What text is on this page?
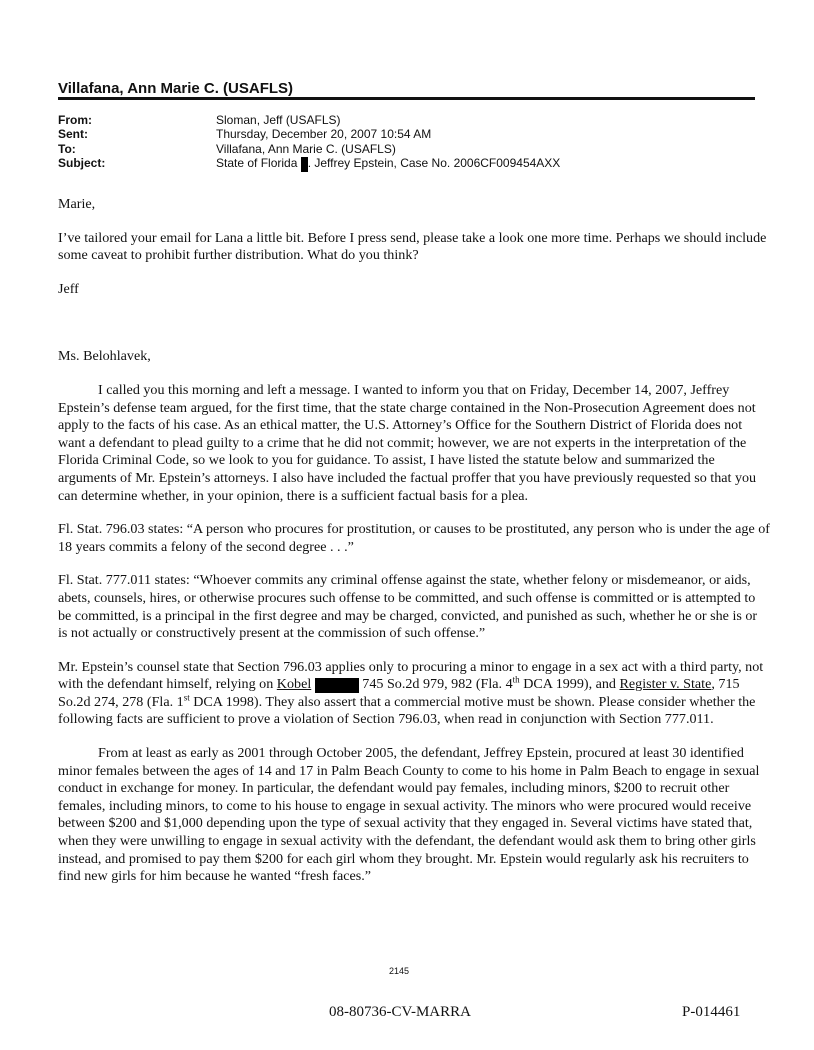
Villafana, Ann Marie C. (USAFLS)
From:	Sloman, Jeff (USAFLS)
Sent:	Thursday, December 20, 2007 10:54 AM
To:	Villafana, Ann Marie C. (USAFLS)
Subject:	State of Florida . Jeffrey Epstein, Case No. 2006CF009454AXX

Marie,

I’ve tailored your email for Lana a little bit. Before I press send, please take a look one more time. Perhaps we should include some caveat to prohibit further distribution. What do you think?

Jeff

Ms. Belohlavek,

I called you this morning and left a message. I wanted to inform you that on Friday, December 14, 2007, Jeffrey Epstein’s defense team argued, for the first time, that the state charge contained in the Non-Prosecution Agreement does not apply to the facts of his case. As an ethical matter, the U.S. Attorney’s Office for the Southern District of Florida does not want a defendant to plead guilty to a crime that he did not commit; however, we are not experts in the interpretation of the Florida Criminal Code, so we look to you for guidance. To assist, I have listed the statute below and summarized the arguments of Mr. Epstein’s attorneys. I also have included the factual proffer that you have previously requested so that you can determine whether, in your opinion, there is a sufficient factual basis for a plea.

Fl. Stat. 796.03 states: “A person who procures for prostitution, or causes to be prostituted, any person who is under the age of 18 years commits a felony of the second degree . . .”

Fl. Stat. 777.011 states: “Whoever commits any criminal offense against the state, whether felony or misdemeanor, or aids, abets, counsels, hires, or otherwise procures such offense to be committed, and such offense is committed or is attempted to be committed, is a principal in the first degree and may be charged, convicted, and punished as such, whether he or she is or is not actually or constructively present at the commission of such offense.”

Mr. Epstein’s counsel state that Section 796.03 applies only to procuring a minor to engage in a sex act with a third party, not with the defendant himself, relying on Kobel	745 So.2d 979, 982 (Fla. 4th DCA 1999), and Register v. State, 715 So.2d 274, 278 (Fla. 1st DCA 1998). They also assert that a commercial motive must be shown. Please consider whether the following facts are sufficient to prove a violation of Section 796.03, when read in conjunction with Section 777.011.

From at least as early as 2001 through October 2005, the defendant, Jeffrey Epstein, procured at least 30 identified minor females between the ages of 14 and 17 in Palm Beach County to come to his home in Palm Beach to engage in sexual conduct in exchange for money. In particular, the defendant would pay females, including minors, $200 to recruit other females, including minors, to come to his house to engage in sexual activity. The minors who were procured would receive between $200 and $1,000 depending upon the type of sexual activity that they engaged in. Several victims have stated that, when they were unwilling to engage in sexual activity with the defendant, the defendant would ask them to bring other girls instead, and promised to pay them $200 for each girl whom they brought. Mr. Epstein would regularly ask his recruiters to find new girls for him because he wanted “fresh faces.”

2145
08-80736-CV-MARRA	P-014461
